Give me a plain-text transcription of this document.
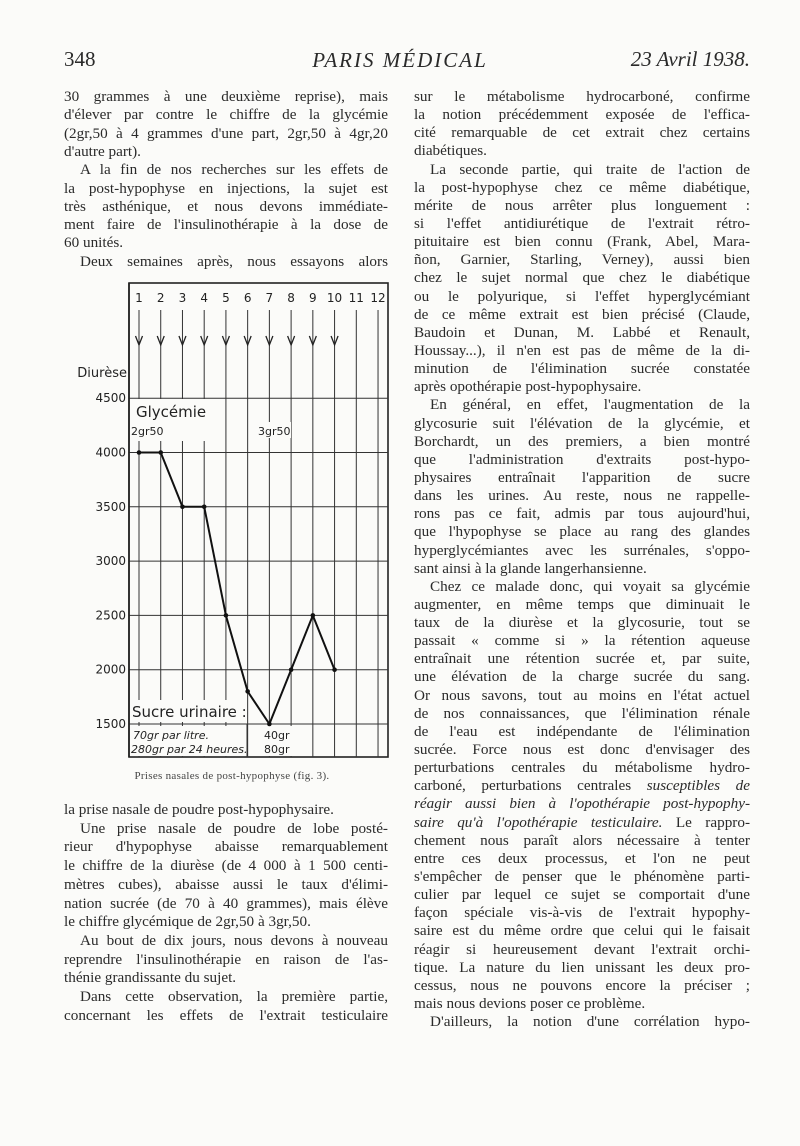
348	PARIS MÉDICAL	23 Avril 1938.
30 grammes à une deuxième reprise), mais
d'élever par contre le chiffre de la glycémie
(2gr,50 à 4 grammes d'une part, 2gr,50 à 4gr,20
d'autre part).
A la fin de nos recherches sur les effets de
la post-hypophyse en injections, la sujet est
très asthénique, et nous devons immédiate-
ment faire de l'insulinothérapie à la dose de
60 unités.
Deux semaines après, nous essayons alors
la prise nasale de poudre post-hypophysaire.
Une prise nasale de poudre de lobe posté-
rieur d'hypophyse abaisse remarquablement
le chiffre de la diurèse (de 4 000 à 1 500 centi-
mètres cubes), abaisse aussi le taux d'élimi-
nation sucrée (de 70 à 40 grammes), mais élève
le chiffre glycémique de 2gr,50 à 3gr,50.
Au bout de dix jours, nous devons à nouveau
reprendre l'insulinothérapie en raison de l'as-
thénie grandissante du sujet.
Dans cette observation, la première partie,
concernant les effets de l'extrait testiculaire
sur le métabolisme hydrocarboné, confirme
la notion précédemment exposée de l'effica-
cité remarquable de cet extrait chez certains
diabétiques.
La seconde partie, qui traite de l'action de
la post-hypophyse chez ce même diabétique,
mérite de nous arrêter plus longuement :
si l'effet antidiurétique de l'extrait rétro-
pituitaire est bien connu (Frank, Abel, Mara-
ñon, Garnier, Starling, Verney), aussi bien
chez le sujet normal que chez le diabétique
ou le polyurique, si l'effet hyperglycémiant
de ce même extrait est bien précisé (Claude,
Baudoin et Dunan, M. Labbé et Renault,
Houssay...), il n'en est pas de même de la di-
minution de l'élimination sucrée constatée
après opothérapie post-hypophysaire.
En général, en effet, l'augmentation de la
glycosurie suit l'élévation de la glycémie, et
Borchardt, un des premiers, a bien montré
que l'administration d'extraits post-hypo-
physaires entraînait l'apparition de sucre
dans les urines. Au reste, nous ne rappelle-
rons pas ce fait, admis par tous aujourd'hui,
que l'hypophyse se place au rang des glandes
hyperglycémiantes avec les surrénales, s'oppo-
sant ainsi à la glande langerhansienne.
Chez ce malade donc, qui voyait sa glycémie
augmenter, en même temps que diminuait le
taux de la diurèse et la glycosurie, tout se
passait « comme si » la rétention aqueuse
entraînait une rétention sucrée et, par suite,
une élévation de la charge sucrée du sang.
Or nous savons, tout au moins en l'état actuel
de nos connaissances, que l'élimination rénale
de l'eau est indépendante de l'élimination
sucrée. Force nous est donc d'envisager des
perturbations centrales du métabolisme hydro-
carboné, perturbations centrales susceptibles de
réagir aussi bien à l'opothérapie post-hypophy-
saire qu'à l'opothérapie testiculaire. Le rappro-
chement nous paraît alors nécessaire à tenter
entre ces deux processus, et l'on ne peut
s'empêcher de penser que le phénomène parti-
culier par lequel ce sujet se comportait d'une
façon spéciale vis-à-vis de l'extrait hypophy-
saire est du même ordre que celui qui le faisait
réagir si heureusement devant l'extrait orchi-
tique. La nature du lien unissant les deux pro-
cessus, nous ne pouvons encore la préciser ;
mais nous devions poser ce problème.
D'ailleurs, la notion d'une corrélation hypo-
4500
4000
3500
3000
2500
2000
1500
Diurèse
1 2 3 4 5 6 7 8 9 10 11 12
Glycémie
2gr50	3gr50
Sucre urinaire :
70gr par litre.
280gr par 24 heures.
40gr
80gr
Prises nasales de post-hypophyse (fig. 3).
